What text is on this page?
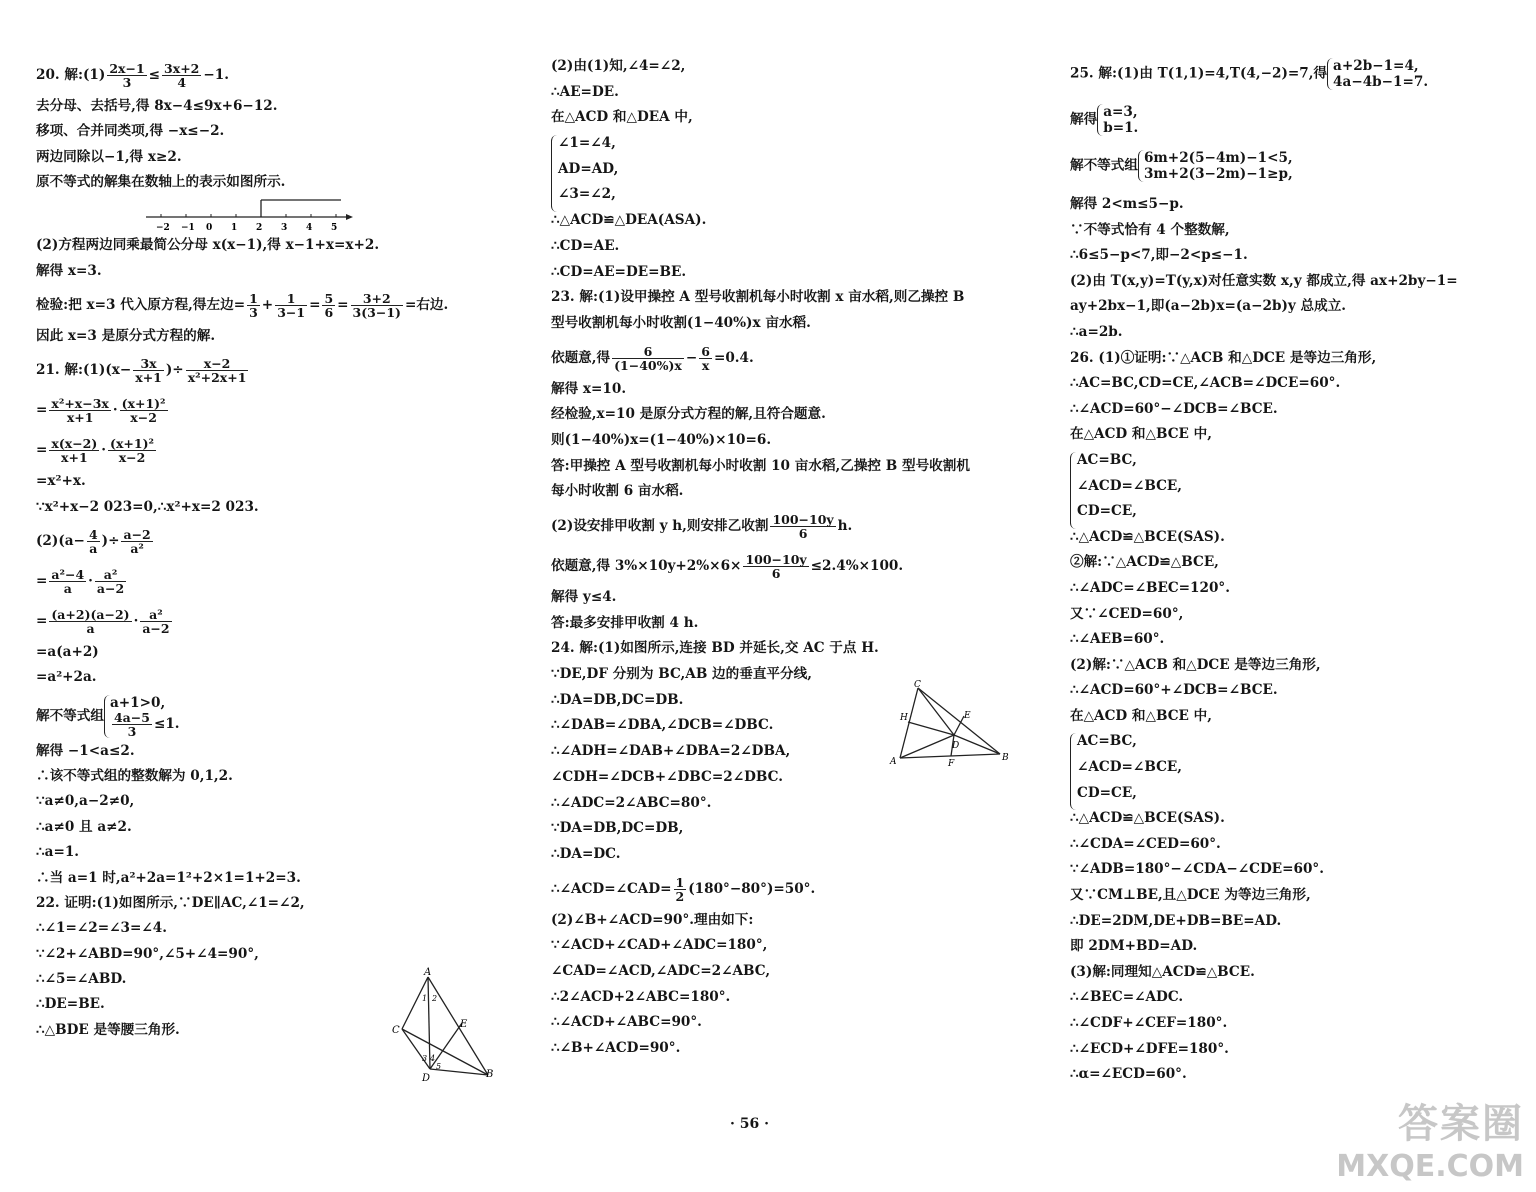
20. 解:(1) $\frac{2x-1}{3} \le \frac{3x+2}{4} -1$.
去分母、去括号,得 8x−4≤9x+6−12.
移项、合并同类项,得 −x≤−2.
两边同除以−1,得 x≥2.
原不等式的解集在数轴上的表示如图所示.
−2 −1 0 1 2 3 4 5
(2)方程两边同乘最简公分母 x(x−1),得 x−1+x=x+2.
解得 x=3.
检验:把 x=3 代入原方程,得左边= $\frac{1}{3} + \frac{1}{3-1} = \frac{5}{6} = \frac{3+2}{3(3-1)}$ =右边.
因此 x=3 是原分式方程的解.
21. 解:(1)(x− $\frac{3x}{x+1}$ )÷ $\frac{x-2}{\text{x²+2x+1}}$
= $\frac{\text{x²+x−3x}}{x+1} \cdot \frac{\text{(x+1)²}}{x-2}$
= $\frac{x(x-2)}{x+1} \cdot \frac{\text{(x+1)²}}{x-2}$
=x²+x.
∵x²+x−2 023=0,∴x²+x=2 023.
$(2)(a- \frac{4}{a}$ )÷ $\frac{a-2}{\text{a²}}$
= $\frac{\text{a²−4}}{a} \cdot \frac{\text{a²}}{a-2}$
= $\frac{(a+2)(a-2)}{a} \cdot \frac{\text{a²}}{a-2}$
=a(a+2)
=a²+2a.
解不等式组
a+1>0,
$\frac{4a-5}{3} \le 1$.
解得 −1<a≤2.
∴该不等式组的整数解为 0,1,2.
∵a≠0,a−2≠0,
∴a≠0 且 a≠2.
∴a=1.
∴当 a=1 时,a²+2a=1²+2×1=1+2=3.
22. 证明:(1)如图所示,∵DE∥AC,∠1=∠2,
∴∠1=∠2=∠3=∠4.
∵∠2+∠ABD=90°,∠5+∠4=90°,
∴∠5=∠ABD.
∴DE=BE.
∴△BDE 是等腰三角形.
A
C
E
D	B
1 2
3 4
5
(2)由(1)知,∠4=∠2,
∴AE=DE.
在△ACD 和△DEA 中,
∠1=∠4,
AD=AD,
∠3=∠2,
∴△ACD≌△DEA(ASA).
∴CD=AE.
∴CD=AE=DE=BE.
23. 解:(1)设甲操控 A 型号收割机每小时收割 x 亩水稻,则乙操控 B
型号收割机每小时收割(1−40%)x 亩水稻.
依题意,得 $\frac{6}{(1-40\%)x} - \frac{6}{x} =0.4$.
解得 x=10.
经检验,x=10 是原分式方程的解,且符合题意.
则(1−40%)x=(1−40%)×10=6.
答:甲操控 A 型号收割机每小时收割 10 亩水稻,乙操控 B 型号收割机
每小时收割 6 亩水稻.
(2)设安排甲收割 y h,则安排乙收割 $\frac{100-10y}{6} h$.
依题意,得 $3\%\times 10y+2\%\times 6\times \frac{100-10y}{6} \le 2.4\%\times 100$.
解得 y≤4.
答:最多安排甲收割 4 h.
24. 解:(1)如图所示,连接 BD 并延长,交 AC 于点 H.
∵DE,DF 分别为 BC,AB 边的垂直平分线,
∴DA=DB,DC=DB.
∴∠DAB=∠DBA,∠DCB=∠DBC.
∴∠ADH=∠DAB+∠DBA=2∠DBA,
∠CDH=∠DCB+∠DBC=2∠DBC.
∴∠ADC=2∠ABC=80°.
∵DA=DB,DC=DB,
∴DA=DC.
∴∠ACD=∠CAD= $\frac{1}{2} (180^\circ-80^\circ)=50^\circ$.
(2)∠B+∠ACD=90°.理由如下:
∵∠ACD+∠CAD+∠ADC=180°,
∠CAD=∠ACD,∠ADC=2∠ABC,
∴2∠ACD+2∠ABC=180°.
∴∠ACD+∠ABC=90°.
∴∠B+∠ACD=90°.
C
H	E
D
A	F
B
25. 解:(1)由 T(1,1)=4,T(4,−2)=7,得 a+2b−1=4,
4a−4b−1=7.
解得 a=3,
b=1.
解不等式组 6m+2(5−4m)−1<5,
3m+2(3−2m)−1≥p,
解得 2<m≤5−p.
∵不等式恰有 4 个整数解,
∴6≤5−p<7,即−2<p≤−1.
(2)由 T(x,y)=T(y,x)对任意实数 x,y 都成立,得 ax+2by−1=
ay+2bx−1,即(a−2b)x=(a−2b)y 总成立.
∴a=2b.
26. (1)①证明:∵△ACB 和△DCE 是等边三角形,
∴AC=BC,CD=CE,∠ACB=∠DCE=60°.
∴∠ACD=60°−∠DCB=∠BCE.
在△ACD 和△BCE 中,
AC=BC,
∠ACD=∠BCE,
CD=CE,
∴△ACD≌△BCE(SAS).
②解:∵△ACD≌△BCE,
∴∠ADC=∠BEC=120°.
又∵∠CED=60°,
∴∠AEB=60°.
(2)解:∵△ACB 和△DCE 是等边三角形,
∴∠ACD=60°+∠DCB=∠BCE.
在△ACD 和△BCE 中,
AC=BC,
∠ACD=∠BCE,
CD=CE,
∴△ACD≌△BCE(SAS).
∴∠CDA=∠CED=60°.
∵∠ADB=180°−∠CDA−∠CDE=60°.
又∵CM⊥BE,且△DCE 为等边三角形,
∴DE=2DM,DE+DB=BE=AD.
即 2DM+BD=AD.
(3)解:同理知△ACD≌△BCE.
∴∠BEC=∠ADC.
∴∠CDF+∠CEF=180°.
∴∠ECD+∠DFE=180°.
∴α=∠ECD=60°.
· 56 ·	答案圈
MXQE.COM
